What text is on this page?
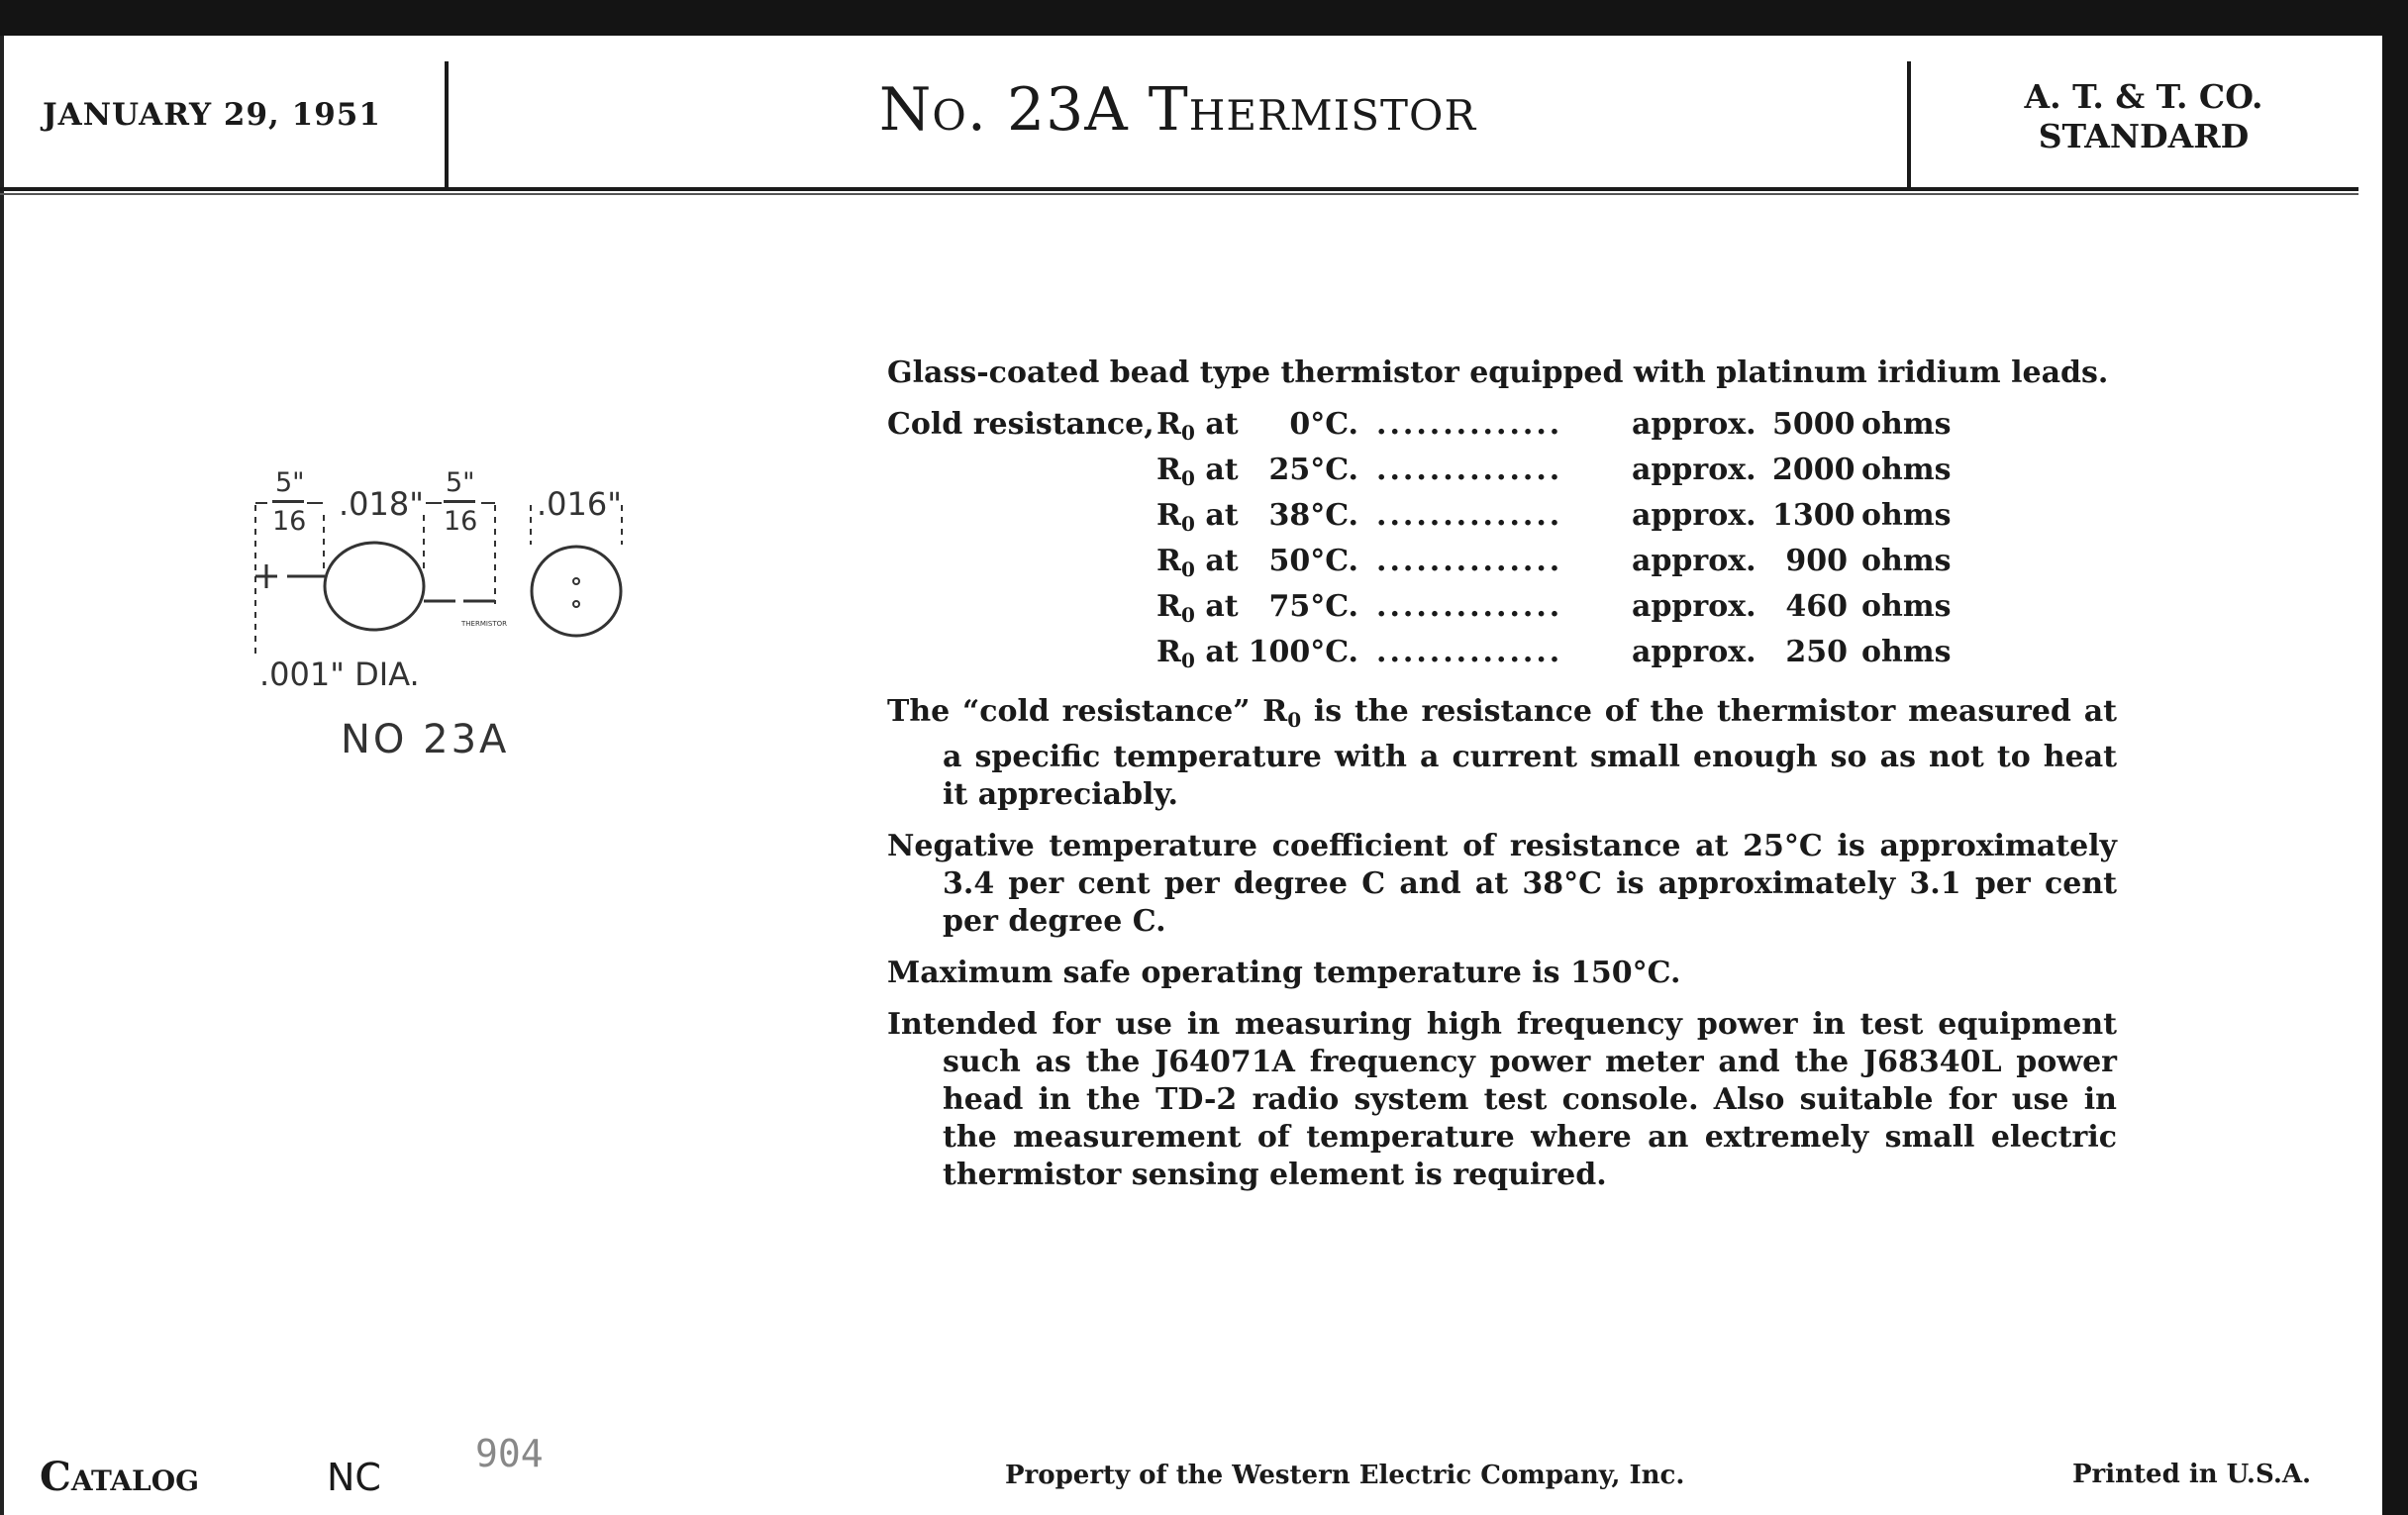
JANUARY 29, 1951	No. 23A Thermistor	A. T. & T. CO.
STANDARD
5"
16 .018"
5"
16 .016"
THERMISTOR
.001" DIA.
NO 23A

Glass-coated bead type thermistor equipped with platinum iridium leads.

Cold resistance, $R_0$ at	0°C. ..............	approx. 5000 ohms
$R_0$ at	25°C. ..............	approx. 2000 ohms
$R_0$ at	38°C. ..............	approx. 1300 ohms
$R_0$ at	50°C. ..............	approx. 900 ohms
$R_0$ at	75°C. ..............	approx. 460 ohms
$R_0$ at 100°C. ..............	approx. 250 ohms

The “cold resistance” $R_0$ is the resistance of the thermistor measured at a specific temperature with a current small enough so as not to heat it appreciably.

Negative temperature coefficient of resistance at 25°C is approximately 3.4 per cent per degree C and at 38°C is approximately 3.1 per cent per degree C.

Maximum safe operating temperature is 150°C.

Intended for use in measuring high frequency power in test equipment such as the J64071A frequency power meter and the J68340L power head in the TD-2 radio system test console. Also suitable for use in the measurement of temperature where an extremely small electric thermistor sensing element is required.

Catalog	NC
904	Property of the Western Electric Company, Inc.	Printed in U.S.A.
